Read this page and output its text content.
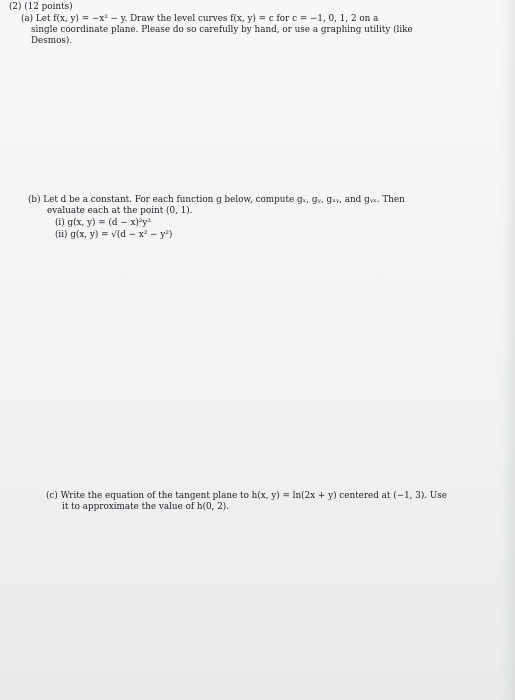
(2) (12 points)
(a) Let f(x, y) = −x² − y. Draw the level curves f(x, y) = c for c = −1, 0, 1, 2 on a
single coordinate plane. Please do so carefully by hand, or use a graphing utility (like
Desmos).
(b) Let d be a constant. For each function g below, compute gₓ, gᵧ, gₓᵧ, and gᵧₓ. Then
evaluate each at the point (0, 1).
(i) g(x, y) = (d − x)²y³
(ii) g(x, y) = √(d − x² − y²)
(c) Write the equation of the tangent plane to h(x, y) = ln(2x + y) centered at (−1, 3). Use
it to approximate the value of h(0, 2).
